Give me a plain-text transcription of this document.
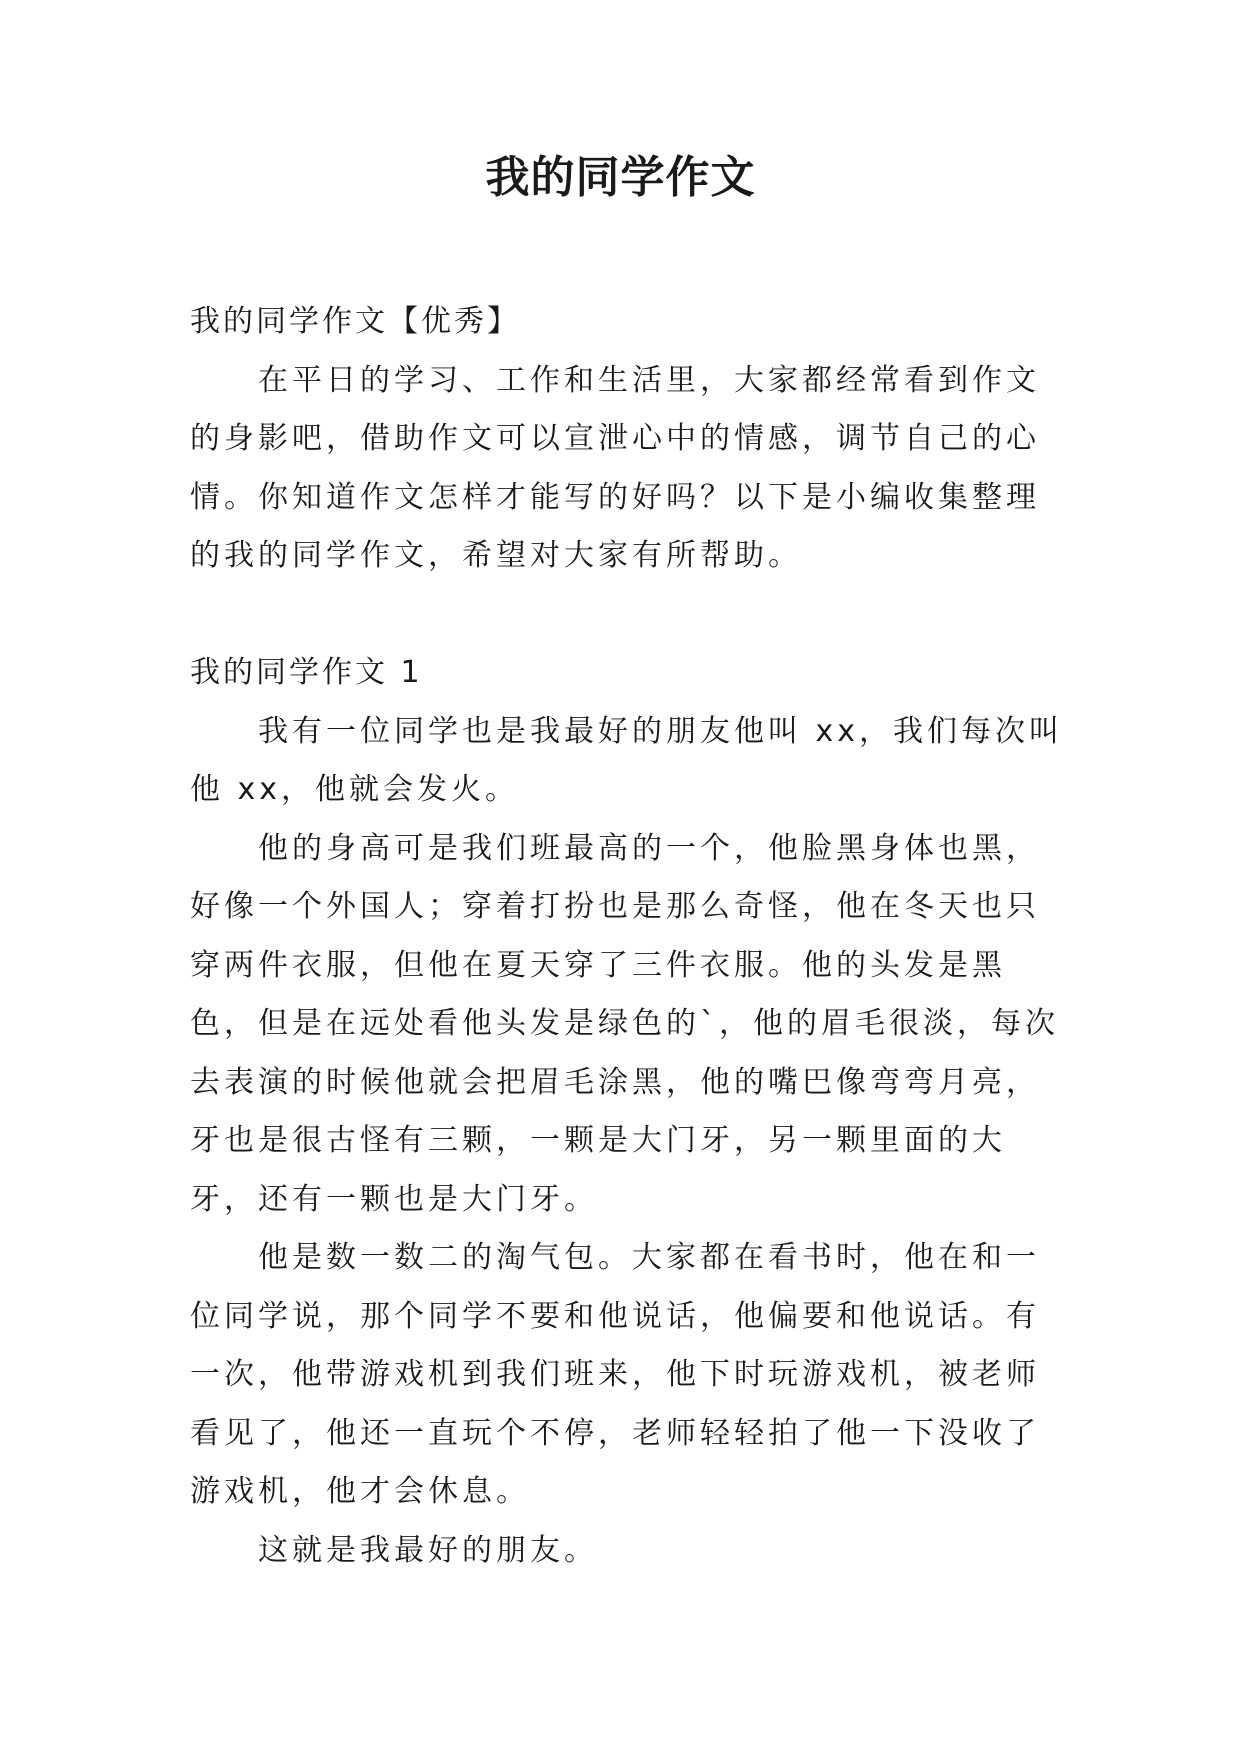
我的同学作文

我的同学作文【优秀】

在平日的学习、工作和生活里，大家都经常看到作文的身影吧，借助作文可以宣泄心中的情感，调节自己的心情。你知道作文怎样才能写的好吗？以下是小编收集整理的我的同学作文，希望对大家有所帮助。

我的同学作文 1

我有一位同学也是我最好的朋友他叫 xx，我们每次叫他 xx，他就会发火。

他的身高可是我们班最高的一个，他脸黑身体也黑，好像一个外国人；穿着打扮也是那么奇怪，他在冬天也只穿两件衣服，但他在夏天穿了三件衣服。他的头发是黑色，但是在远处看他头发是绿色的`，他的眉毛很淡，每次去表演的时候他就会把眉毛涂黑，他的嘴巴像弯弯月亮，牙也是很古怪有三颗，一颗是大门牙，另一颗里面的大牙，还有一颗也是大门牙。

他是数一数二的淘气包。大家都在看书时，他在和一位同学说，那个同学不要和他说话，他偏要和他说话。有一次，他带游戏机到我们班来，他下时玩游戏机，被老师看见了，他还一直玩个不停，老师轻轻拍了他一下没收了游戏机，他才会休息。

这就是我最好的朋友。
